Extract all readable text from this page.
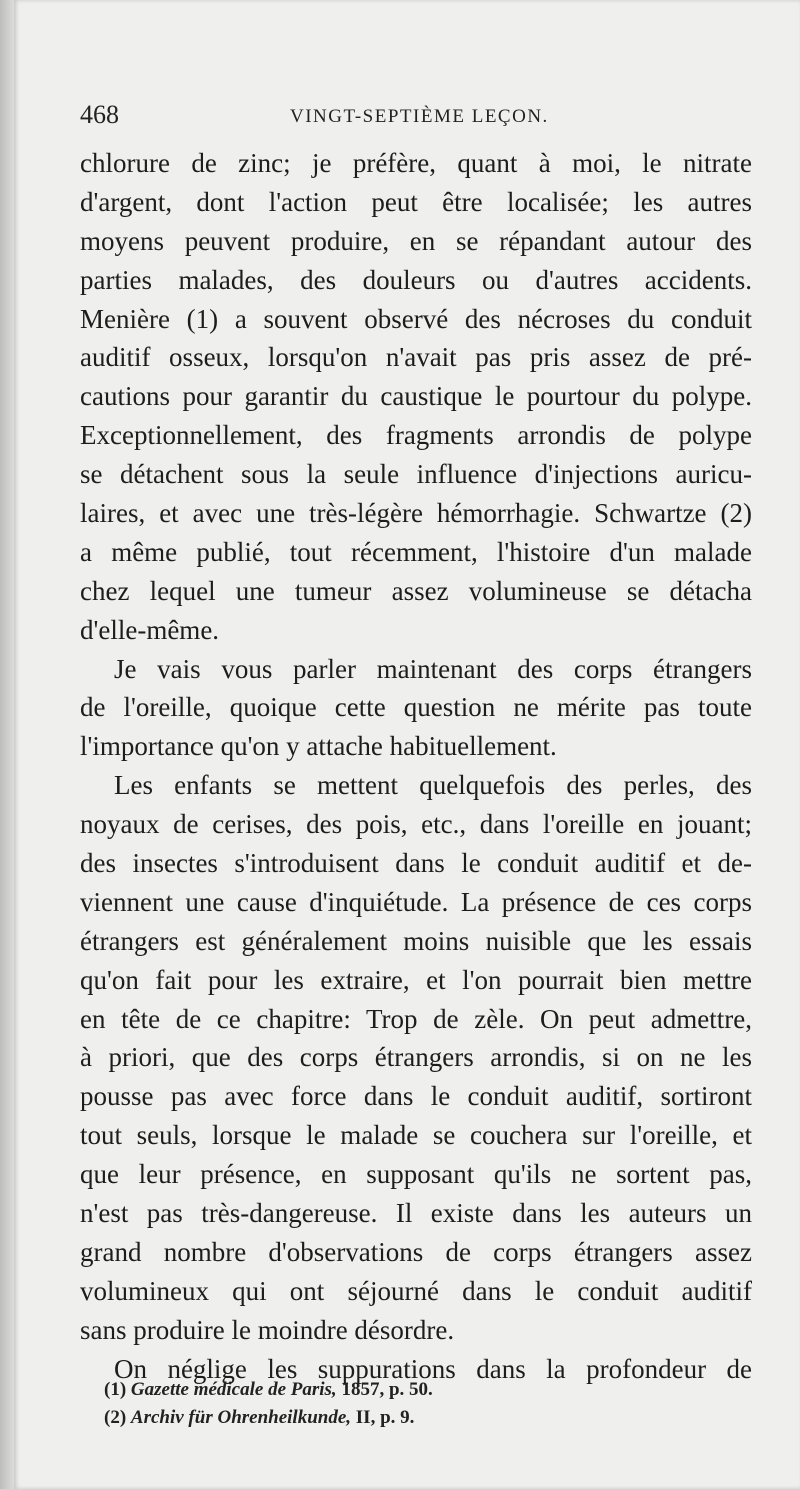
468	VINGT-SEPTIÈME LEÇON.
chlorure de zinc; je préfère, quant à moi, le nitrate
d'argent, dont l'action peut être localisée; les autres
moyens peuvent produire, en se répandant autour des
parties malades, des douleurs ou d'autres accidents.
Menière (1) a souvent observé des nécroses du conduit
auditif osseux, lorsqu'on n'avait pas pris assez de pré-
cautions pour garantir du caustique le pourtour du polype.
Exceptionnellement, des fragments arrondis de polype
se détachent sous la seule influence d'injections auricu-
laires, et avec une très-légère hémorrhagie. Schwartze (2)
a même publié, tout récemment, l'histoire d'un malade
chez lequel une tumeur assez volumineuse se détacha
d'elle-même.
Je vais vous parler maintenant des corps étrangers
de l'oreille, quoique cette question ne mérite pas toute
l'importance qu'on y attache habituellement.
Les enfants se mettent quelquefois des perles, des
noyaux de cerises, des pois, etc., dans l'oreille en jouant;
des insectes s'introduisent dans le conduit auditif et de-
viennent une cause d'inquiétude. La présence de ces corps
étrangers est généralement moins nuisible que les essais
qu'on fait pour les extraire, et l'on pourrait bien mettre
en tête de ce chapitre: Trop de zèle. On peut admettre,
à priori, que des corps étrangers arrondis, si on ne les
pousse pas avec force dans le conduit auditif, sortiront
tout seuls, lorsque le malade se couchera sur l'oreille, et
que leur présence, en supposant qu'ils ne sortent pas,
n'est pas très-dangereuse. Il existe dans les auteurs un
grand nombre d'observations de corps étrangers assez
volumineux qui ont séjourné dans le conduit auditif
sans produire le moindre désordre.
On néglige les suppurations dans la profondeur de
(1) Gazette médicale de Paris, 1857, p. 50.
(2) Archiv für Ohrenheilkunde, II, p. 9.
